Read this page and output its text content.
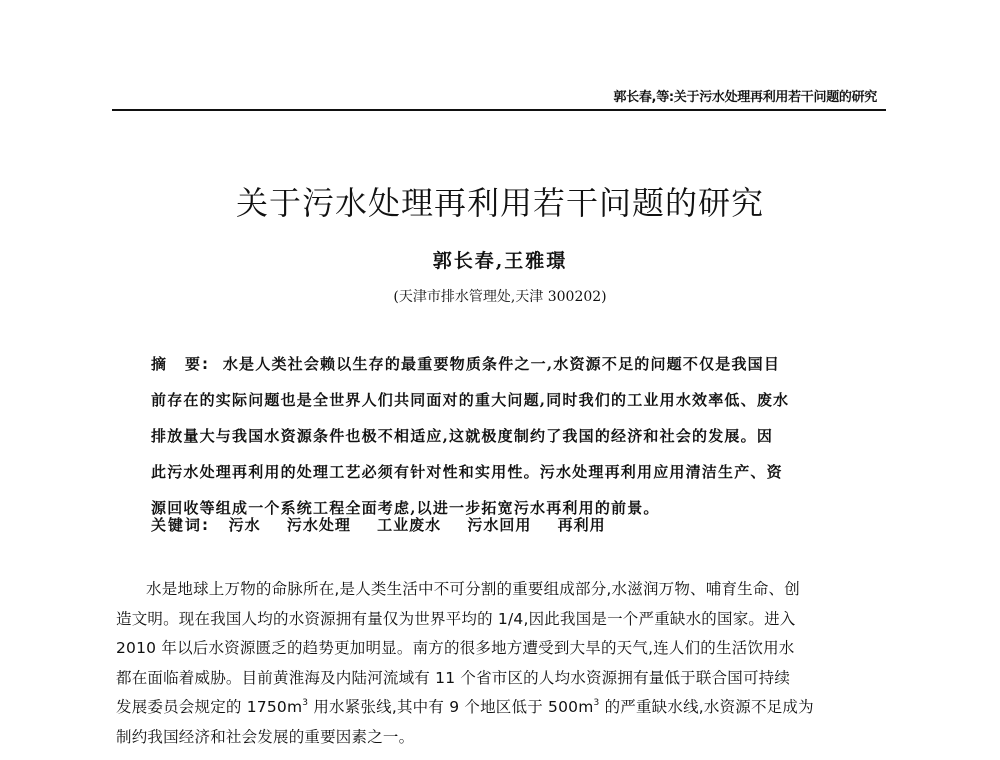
郭长春,等:关于污水处理再利用若干问题的研究
关于污水处理再利用若干问题的研究
郭长春,王雅璟
(天津市排水管理处,天津 300202)
摘　要: 水是人类社会赖以生存的最重要物质条件之一,水资源不足的问题不仅是我国目
前存在的实际问题也是全世界人们共同面对的重大问题,同时我们的工业用水效率低、废水
排放量大与我国水资源条件也极不相适应,这就极度制约了我国的经济和社会的发展。因
此污水处理再利用的处理工艺必须有针对性和实用性。污水处理再利用应用清洁生产、资
源回收等组成一个系统工程全面考虑,以进一步拓宽污水再利用的前景。
关键词: 污水 污水处理 工业废水 污水回用 再利用
水是地球上万物的命脉所在,是人类生活中不可分割的重要组成部分,水滋润万物、哺育生命、创
造文明。现在我国人均的水资源拥有量仅为世界平均的 1/4,因此我国是一个严重缺水的国家。进入
2010 年以后水资源匮乏的趋势更加明显。南方的很多地方遭受到大旱的天气,连人们的生活饮用水
都在面临着威胁。目前黄淮海及内陆河流域有 11 个省市区的人均水资源拥有量低于联合国可持续
发展委员会规定的 $1750m^3$ 用水紧张线,其中有 9 个地区低于 $500m^3$ 的严重缺水线,水资源不足成为
制约我国经济和社会发展的重要因素之一。
